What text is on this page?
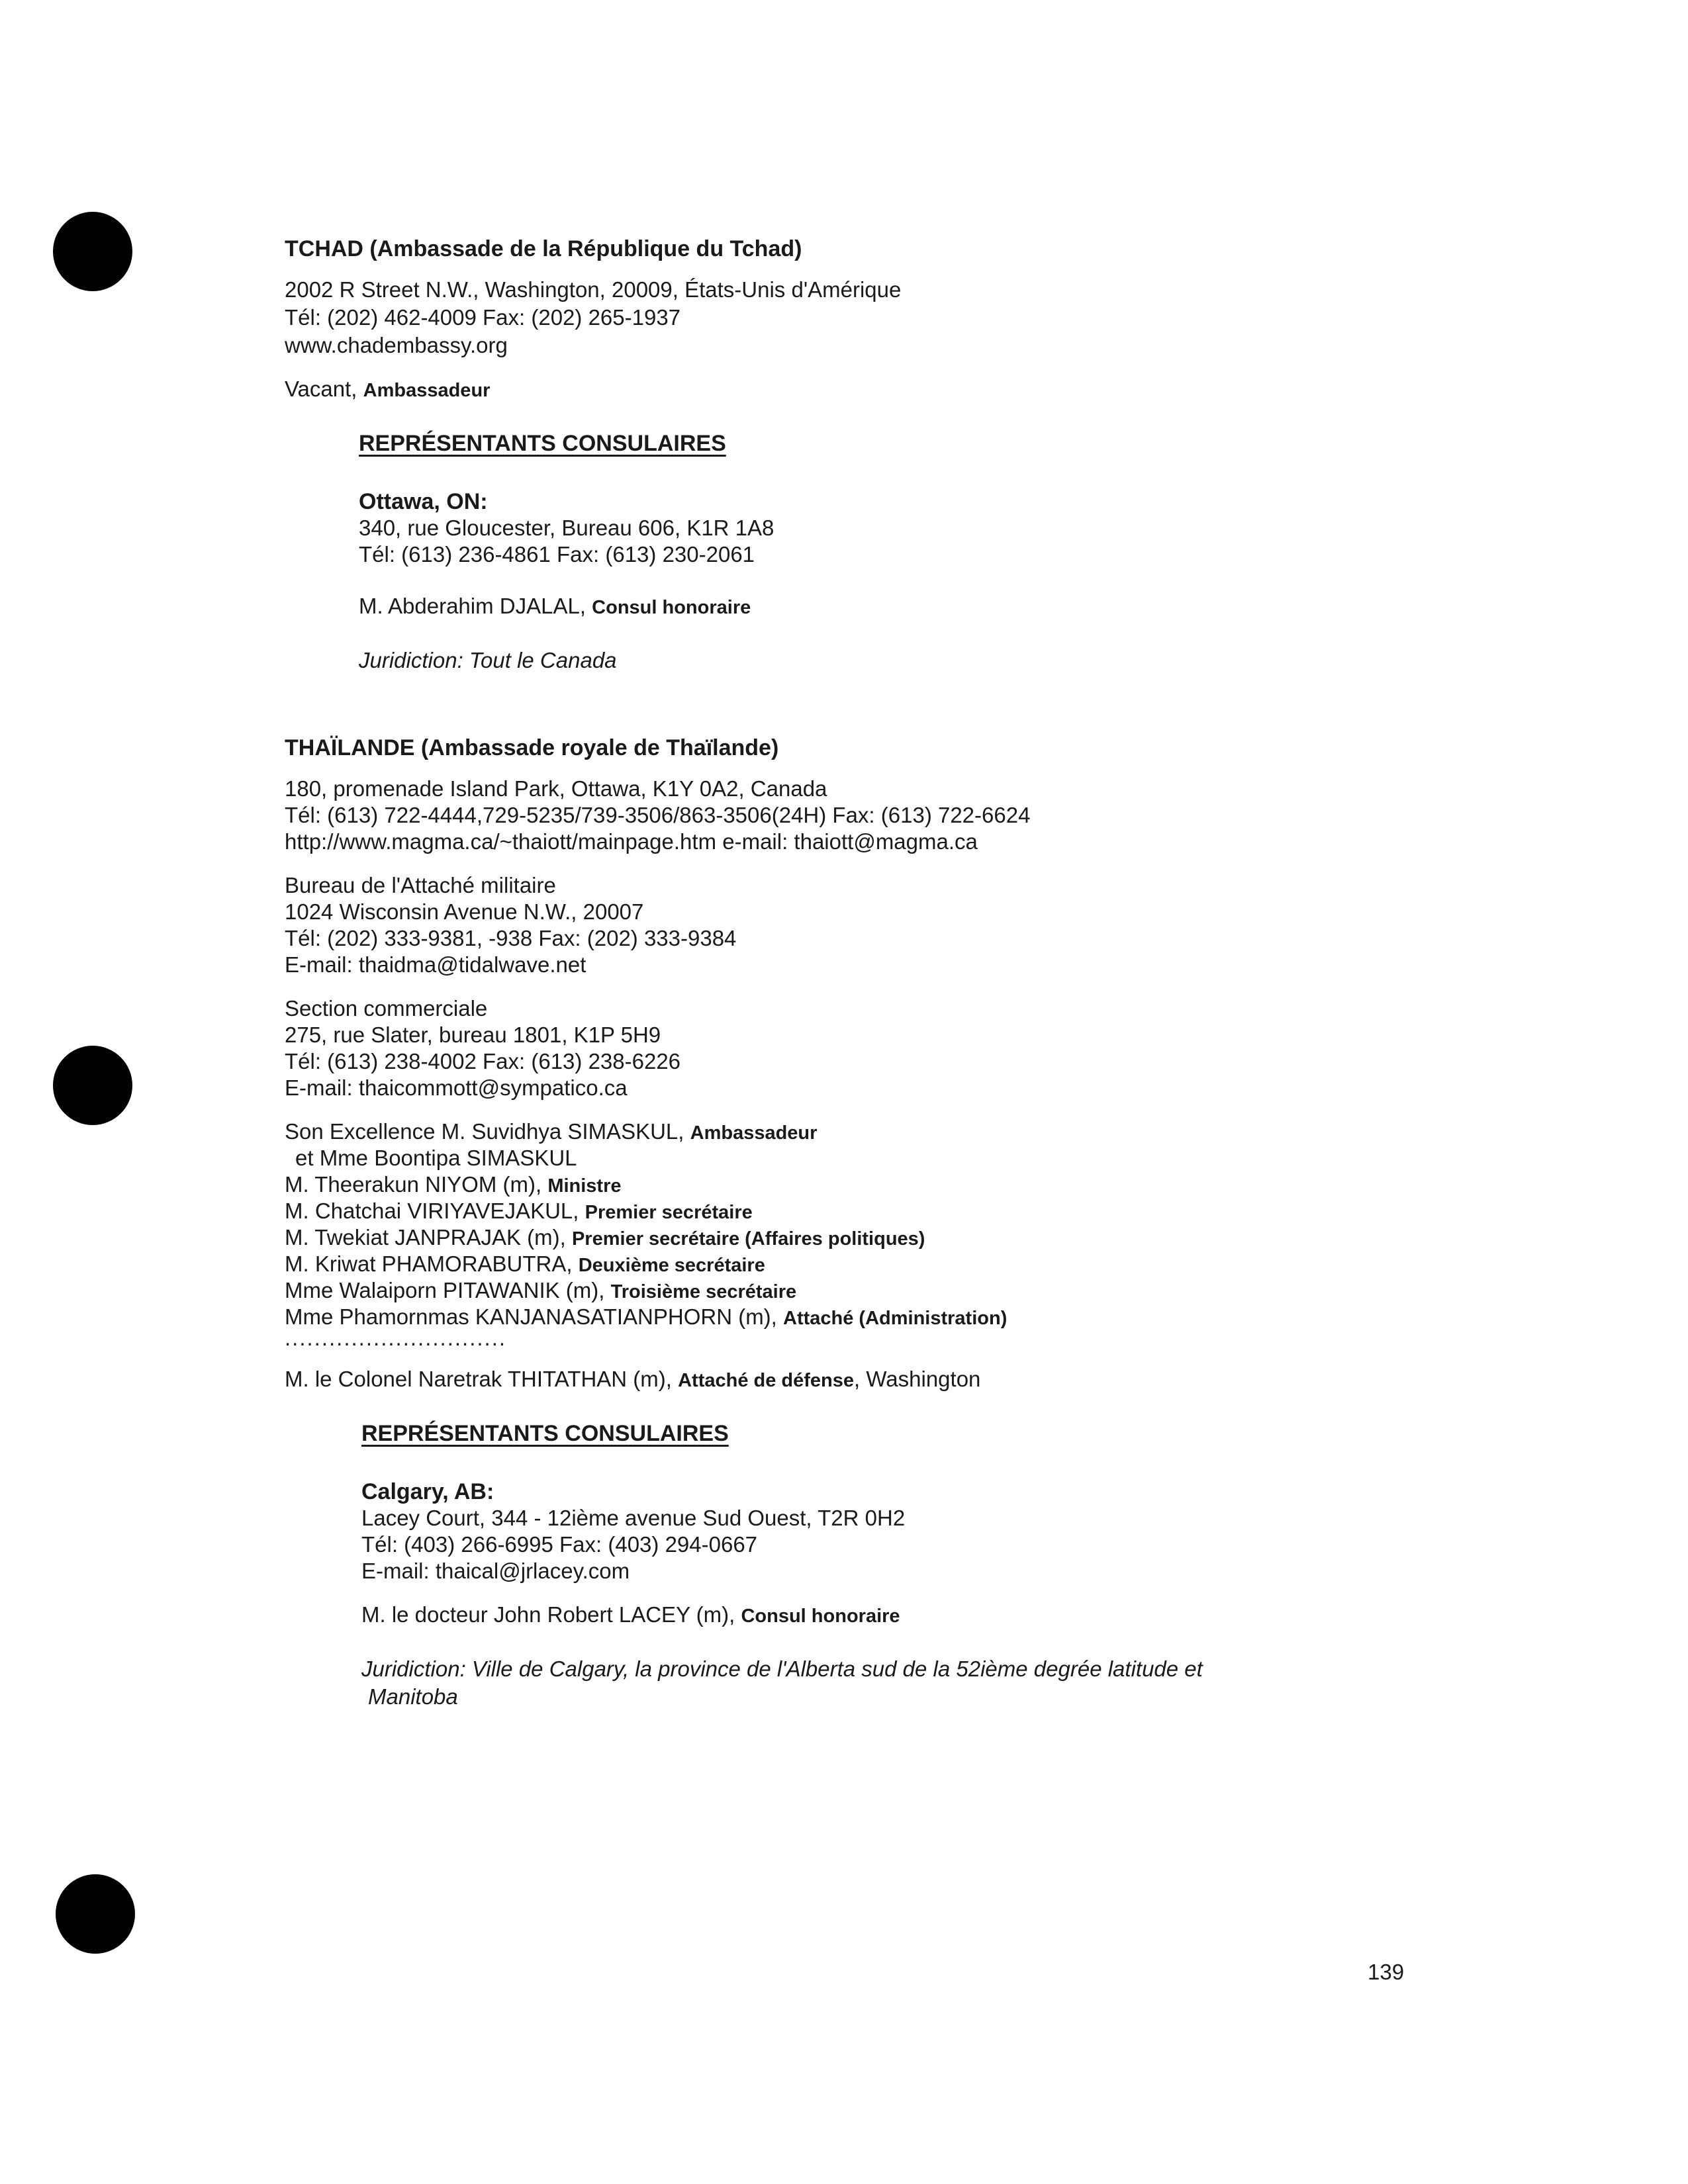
TCHAD (Ambassade de la République du Tchad)
2002 R Street N.W., Washington, 20009, États-Unis d'Amérique
Tél: (202) 462-4009 Fax: (202) 265-1937
www.chadembassy.org
Vacant, Ambassadeur
REPRÉSENTANTS CONSULAIRES
Ottawa, ON:
340, rue Gloucester, Bureau 606, K1R 1A8
Tél: (613) 236-4861 Fax: (613) 230-2061
M. Abderahim DJALAL, Consul honoraire
Juridiction: Tout le Canada
THAÏLANDE (Ambassade royale de Thaïlande)
180, promenade Island Park, Ottawa, K1Y 0A2, Canada
Tél: (613) 722-4444,729-5235/739-3506/863-3506(24H) Fax: (613) 722-6624
http://www.magma.ca/~thaiott/mainpage.htm e-mail: thaiott@magma.ca
Bureau de l'Attaché militaire
1024 Wisconsin Avenue N.W., 20007
Tél: (202) 333-9381, -938 Fax: (202) 333-9384
E-mail: thaidma@tidalwave.net
Section commerciale
275, rue Slater, bureau 1801, K1P 5H9
Tél: (613) 238-4002 Fax: (613) 238-6226
E-mail: thaicommott@sympatico.ca
Son Excellence M. Suvidhya SIMASKUL, Ambassadeur
et Mme Boontipa SIMASKUL
M. Theerakun NIYOM (m), Ministre
M. Chatchai VIRIYAVEJAKUL, Premier secrétaire
M. Twekiat JANPRAJAK (m), Premier secrétaire (Affaires politiques)
M. Kriwat PHAMORABUTRA, Deuxième secrétaire
Mme Walaiporn PITAWANIK (m), Troisième secrétaire
Mme Phamornmas KANJANASATIANPHORN (m), Attaché (Administration)
..............................
M. le Colonel Naretrak THITATHAN (m), Attaché de défense, Washington
REPRÉSENTANTS CONSULAIRES
Calgary, AB:
Lacey Court, 344 - 12ième avenue Sud Ouest, T2R 0H2
Tél: (403) 266-6995 Fax: (403) 294-0667
E-mail: thaical@jrlacey.com
M. le docteur John Robert LACEY (m), Consul honoraire
Juridiction: Ville de Calgary, la province de l'Alberta sud de la 52ième degrée latitude et
Manitoba
139
